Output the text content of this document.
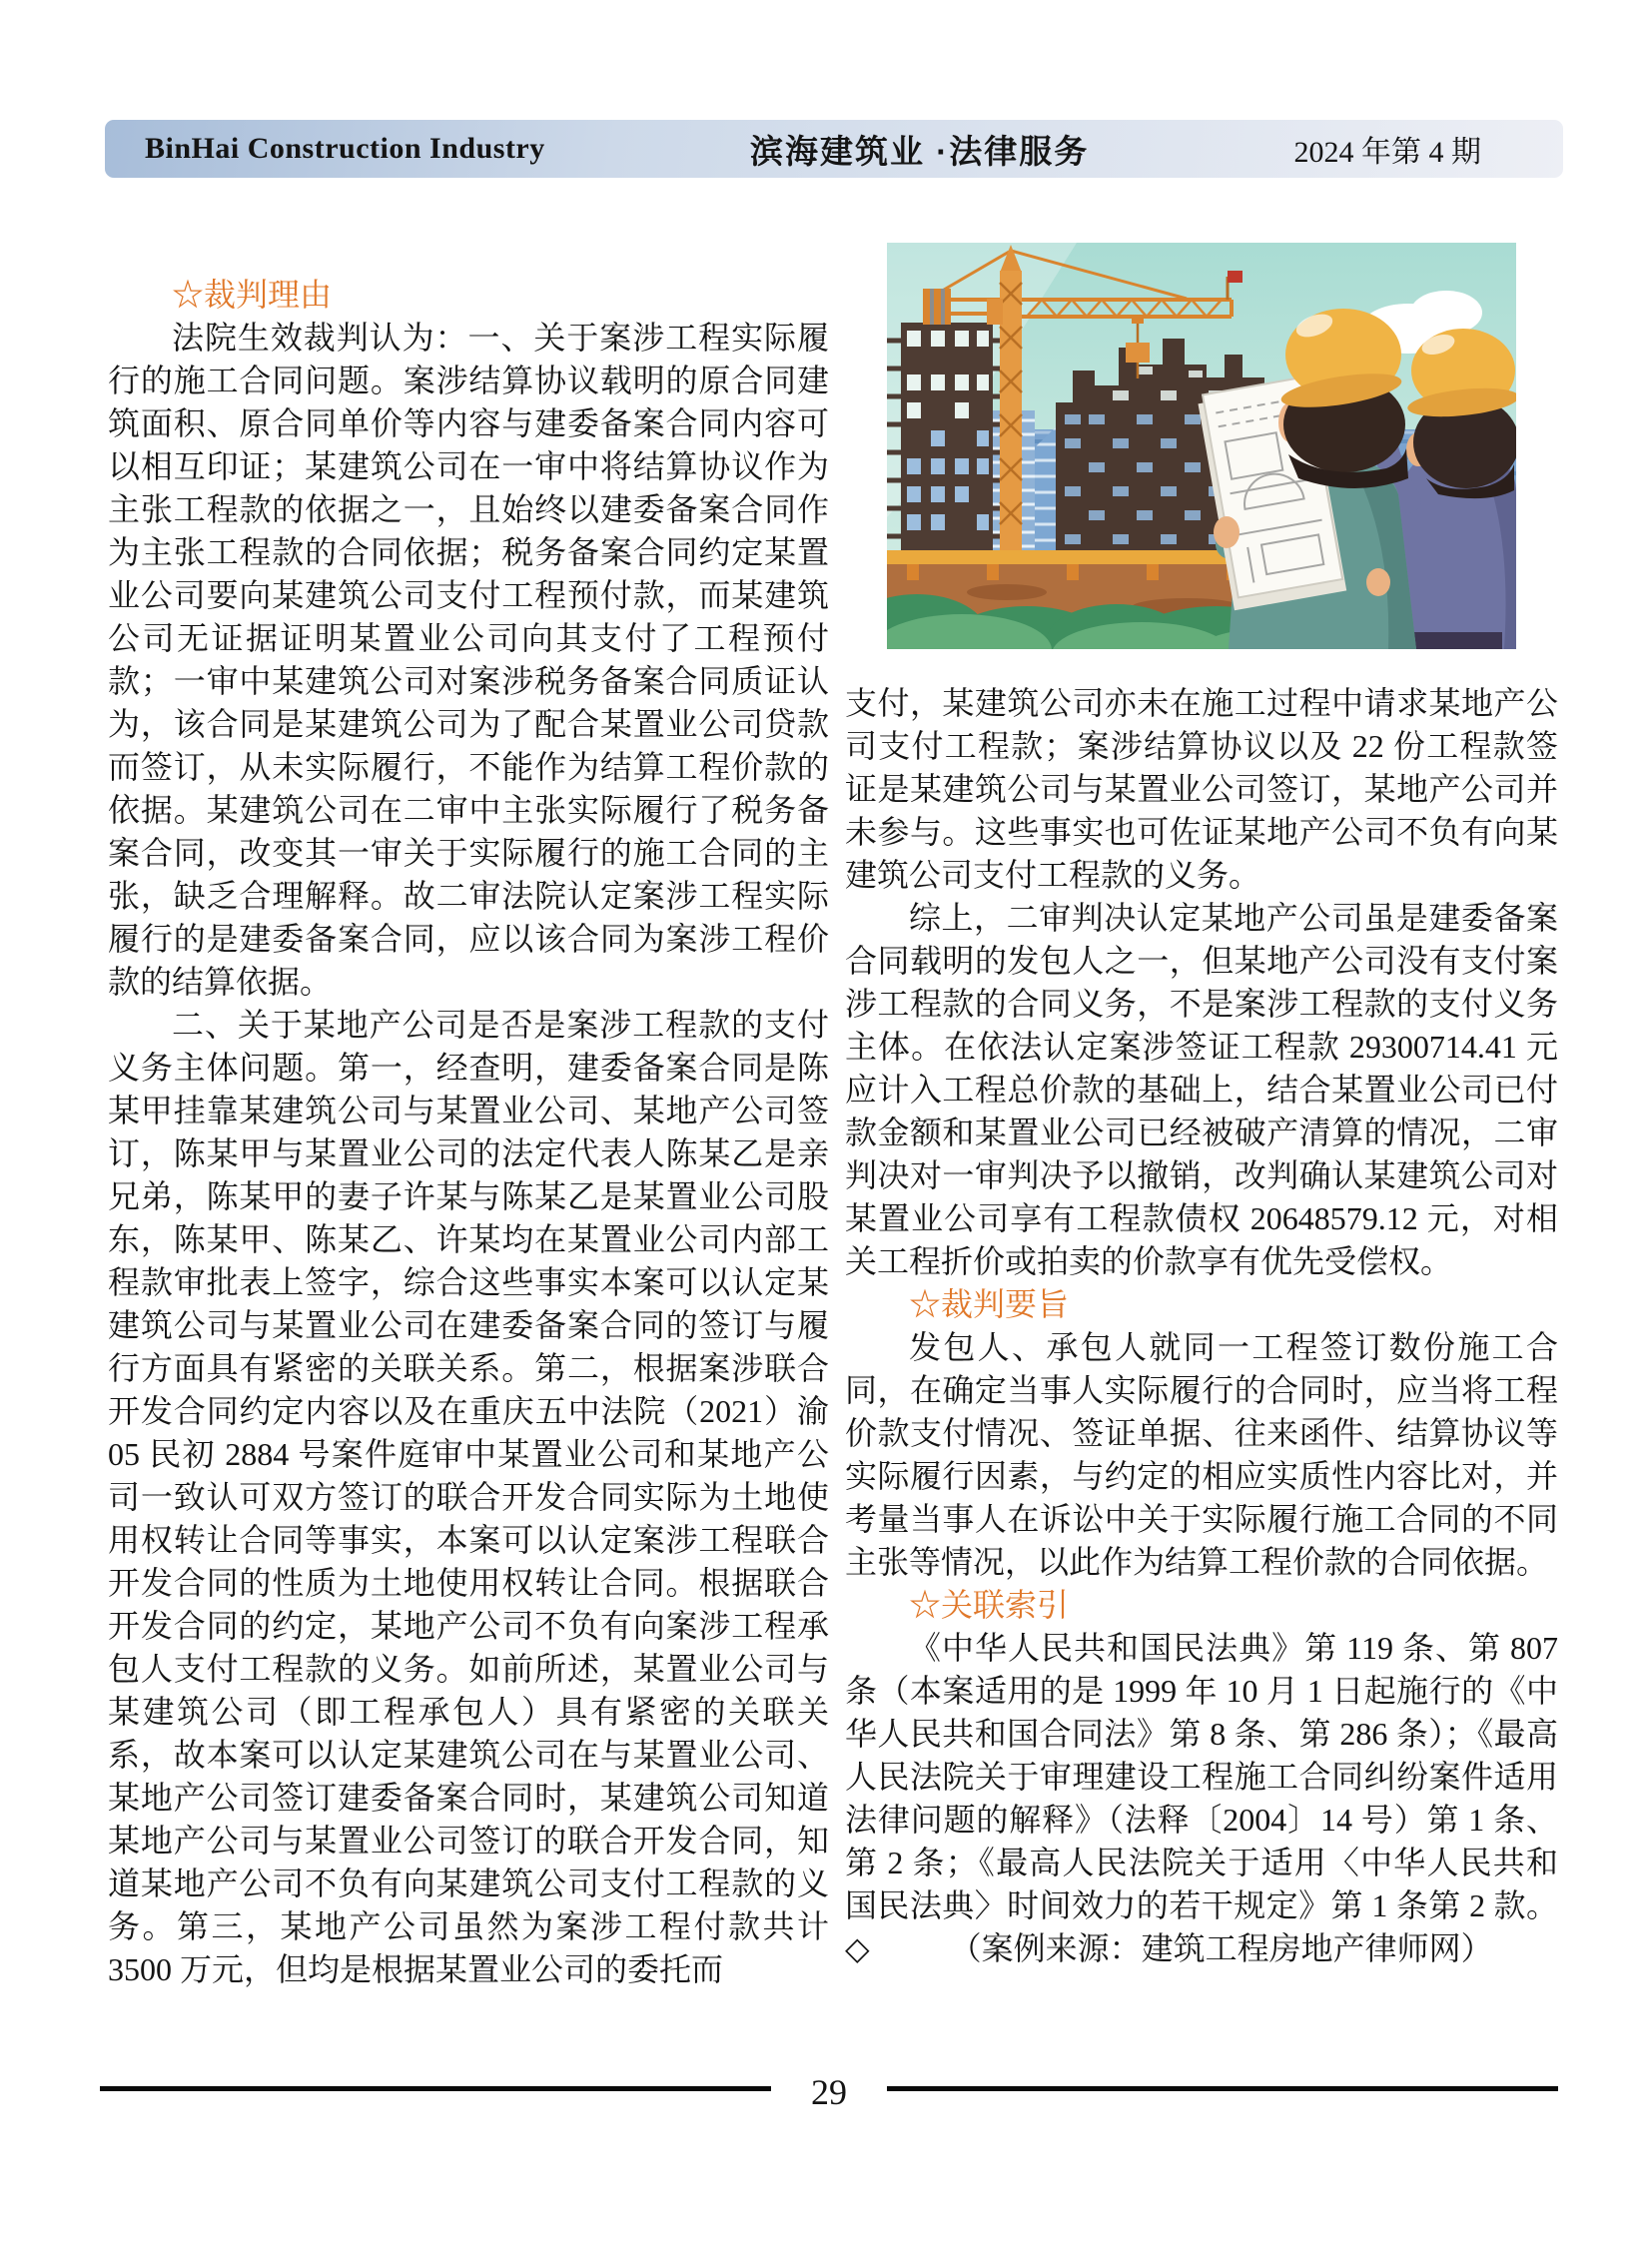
BinHai Construction Industry	滨海建筑业 ·法律服务	2024 年第 4 期
☆裁判理由

法院生效裁判认为：一、关于案涉工程实际履行的施工合同问题。案涉结算协议载明的原合同建筑面积、原合同单价等内容与建委备案合同内容可以相互印证；某建筑公司在一审中将结算协议作为主张工程款的依据之一，且始终以建委备案合同作为主张工程款的合同依据；税务备案合同约定某置业公司要向某建筑公司支付工程预付款，而某建筑公司无证据证明某置业公司向其支付了工程预付款；一审中某建筑公司对案涉税务备案合同质证认为，该合同是某建筑公司为了配合某置业公司贷款而签订，从未实际履行，不能作为结算工程价款的依据。某建筑公司在二审中主张实际履行了税务备案合同，改变其一审关于实际履行的施工合同的主张，缺乏合理解释。故二审法院认定案涉工程实际履行的是建委备案合同，应以该合同为案涉工程价款的结算依据。

二、关于某地产公司是否是案涉工程款的支付义务主体问题。第一，经查明，建委备案合同是陈某甲挂靠某建筑公司与某置业公司、某地产公司签订，陈某甲与某置业公司的法定代表人陈某乙是亲兄弟，陈某甲的妻子许某与陈某乙是某置业公司股东，陈某甲、陈某乙、许某均在某置业公司内部工程款审批表上签字，综合这些事实本案可以认定某建筑公司与某置业公司在建委备案合同的签订与履行方面具有紧密的关联关系。第二，根据案涉联合开发合同约定内容以及在重庆五中法院（2021）渝 05 民初 2884 号案件庭审中某置业公司和某地产公司一致认可双方签订的联合开发合同实际为土地使用权转让合同等事实，本案可以认定案涉工程联合开发合同的性质为土地使用权转让合同。根据联合开发合同的约定，某地产公司不负有向案涉工程承包人支付工程款的义务。如前所述，某置业公司与某建筑公司（即工程承包人）具有紧密的关联关系，故本案可以认定某建筑公司在与某置业公司、某地产公司签订建委备案合同时，某建筑公司知道某地产公司与某置业公司签订的联合开发合同，知道某地产公司不负有向某建筑公司支付工程款的义务。第三，某地产公司虽然为案涉工程付款共计 3500 万元，但均是根据某置业公司的委托而

支付，某建筑公司亦未在施工过程中请求某地产公司支付工程款；案涉结算协议以及 22 份工程款签证是某建筑公司与某置业公司签订，某地产公司并未参与。这些事实也可佐证某地产公司不负有向某建筑公司支付工程款的义务。

综上，二审判决认定某地产公司虽是建委备案合同载明的发包人之一，但某地产公司没有支付案涉工程款的合同义务，不是案涉工程款的支付义务主体。在依法认定案涉签证工程款 29300714.41 元应计入工程总价款的基础上，结合某置业公司已付款金额和某置业公司已经被破产清算的情况，二审判决对一审判决予以撤销，改判确认某建筑公司对某置业公司享有工程款债权 20648579.12 元，对相关工程折价或拍卖的价款享有优先受偿权。

☆裁判要旨

发包人、承包人就同一工程签订数份施工合同，在确定当事人实际履行的合同时，应当将工程价款支付情况、签证单据、往来函件、结算协议等实际履行因素，与约定的相应实质性内容比对，并考量当事人在诉讼中关于实际履行施工合同的不同主张等情况，以此作为结算工程价款的合同依据。

☆关联索引

《中华人民共和国民法典》第 119 条、第 807 条（本案适用的是 1999 年 10 月 1 日起施行的《中华人民共和国合同法》第 8 条、第 286 条）；《最高人民法院关于审理建设工程施工合同纠纷案件适用法律问题的解释》（法释〔2004〕14 号）第 1 条、第 2 条；《最高人民法院关于适用〈中华人民共和国民法典〉时间效力的若干规定》第 1 条第 2 款。◇　　　（案例来源：建筑工程房地产律师网）

29
